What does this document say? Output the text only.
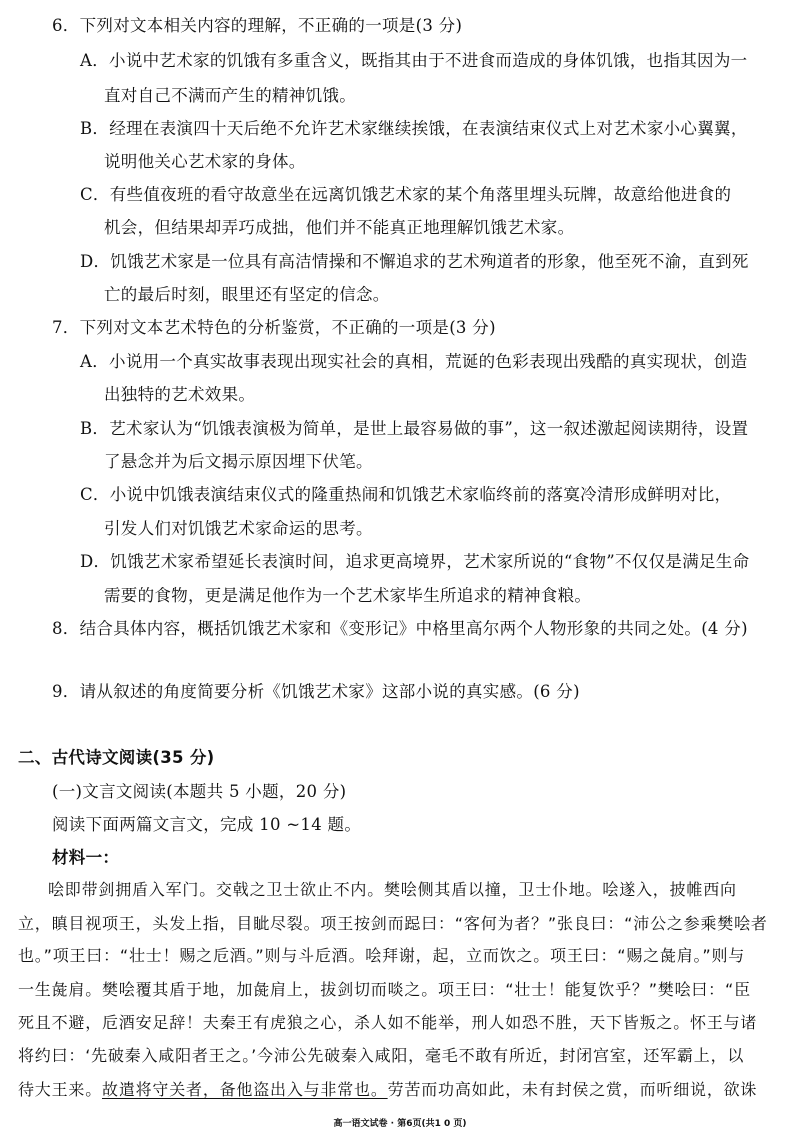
6．下列对文本相关内容的理解，不正确的一项是(3 分)
A．小说中艺术家的饥饿有多重含义，既指其由于不进食而造成的身体饥饿，也指其因为一
直对自己不满而产生的精神饥饿。
B．经理在表演四十天后绝不允许艺术家继续挨饿，在表演结束仪式上对艺术家小心翼翼，
说明他关心艺术家的身体。
C．有些值夜班的看守故意坐在远离饥饿艺术家的某个角落里埋头玩牌，故意给他进食的
机会，但结果却弄巧成拙，他们并不能真正地理解饥饿艺术家。
D．饥饿艺术家是一位具有高洁情操和不懈追求的艺术殉道者的形象，他至死不渝，直到死
亡的最后时刻，眼里还有坚定的信念。
7．下列对文本艺术特色的分析鉴赏，不正确的一项是(3 分)
A．小说用一个真实故事表现出现实社会的真相，荒诞的色彩表现出残酷的真实现状，创造
出独特的艺术效果。
B．艺术家认为“饥饿表演极为简单，是世上最容易做的事”，这一叙述激起阅读期待，设置
了悬念并为后文揭示原因埋下伏笔。
C．小说中饥饿表演结束仪式的隆重热闹和饥饿艺术家临终前的落寞冷清形成鲜明对比，
引发人们对饥饿艺术家命运的思考。
D．饥饿艺术家希望延长表演时间，追求更高境界，艺术家所说的“食物”不仅仅是满足生命
需要的食物，更是满足他作为一个艺术家毕生所追求的精神食粮。
8．结合具体内容，概括饥饿艺术家和《变形记》中格里高尔两个人物形象的共同之处。(4 分)
9．请从叙述的角度简要分析《饥饿艺术家》这部小说的真实感。(6 分)
二、古代诗文阅读(35 分)
(一)文言文阅读(本题共 5 小题，20 分)
阅读下面两篇文言文，完成 10 ~14 题。
材料一：
哙即带剑拥盾入军门。交戟之卫士欲止不内。樊哙侧其盾以撞，卫士仆地。哙遂入，披帷西向
立，瞋目视项王，头发上指，目眦尽裂。项王按剑而跽曰：“客何为者？”张良曰：“沛公之参乘樊哙者
也。”项王曰：“壮士！赐之卮酒。”则与斗卮酒。哙拜谢，起，立而饮之。项王曰：“赐之彘肩。”则与
一生彘肩。樊哙覆其盾于地，加彘肩上，拔剑切而啖之。项王曰：“壮士！能复饮乎？”樊哙曰：“臣
死且不避，卮酒安足辞！夫秦王有虎狼之心，杀人如不能举，刑人如恐不胜，天下皆叛之。怀王与诸
将约曰：‘先破秦入咸阳者王之。’今沛公先破秦入咸阳，毫毛不敢有所近，封闭宫室，还军霸上，以
待大王来。故遣将守关者，备他盗出入与非常也。劳苦而功高如此，未有封侯之赏，而听细说，欲诛
高一语文试卷 · 第6页(共1 0 页)
